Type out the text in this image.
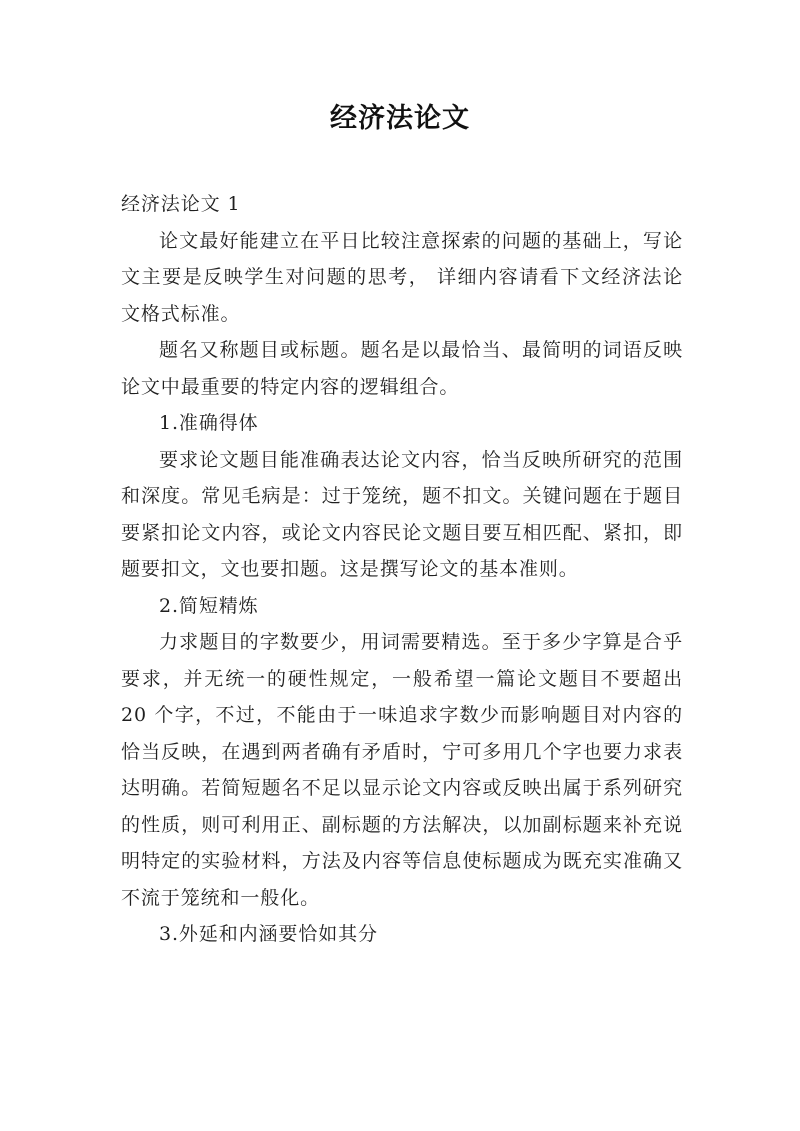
经济法论文

经济法论文 1

论文最好能建立在平日比较注意探索的问题的基础上，写论文主要是反映学生对问题的思考， 详细内容请看下文经济法论文格式标准。

题名又称题目或标题。题名是以最恰当、最简明的词语反映论文中最重要的特定内容的逻辑组合。

1.准确得体

要求论文题目能准确表达论文内容，恰当反映所研究的范围和深度。常见毛病是：过于笼统，题不扣文。关键问题在于题目要紧扣论文内容，或论文内容民论文题目要互相匹配、紧扣，即题要扣文，文也要扣题。这是撰写论文的基本准则。

2.简短精炼

力求题目的字数要少，用词需要精选。至于多少字算是合乎要求，并无统一的硬性规定，一般希望一篇论文题目不要超出 20 个字，不过，不能由于一味追求字数少而影响题目对内容的恰当反映，在遇到两者确有矛盾时，宁可多用几个字也要力求表达明确。若简短题名不足以显示论文内容或反映出属于系列研究的性质，则可利用正、副标题的方法解决，以加副标题来补充说明特定的实验材料，方法及内容等信息使标题成为既充实准确又不流于笼统和一般化。

3.外延和内涵要恰如其分
